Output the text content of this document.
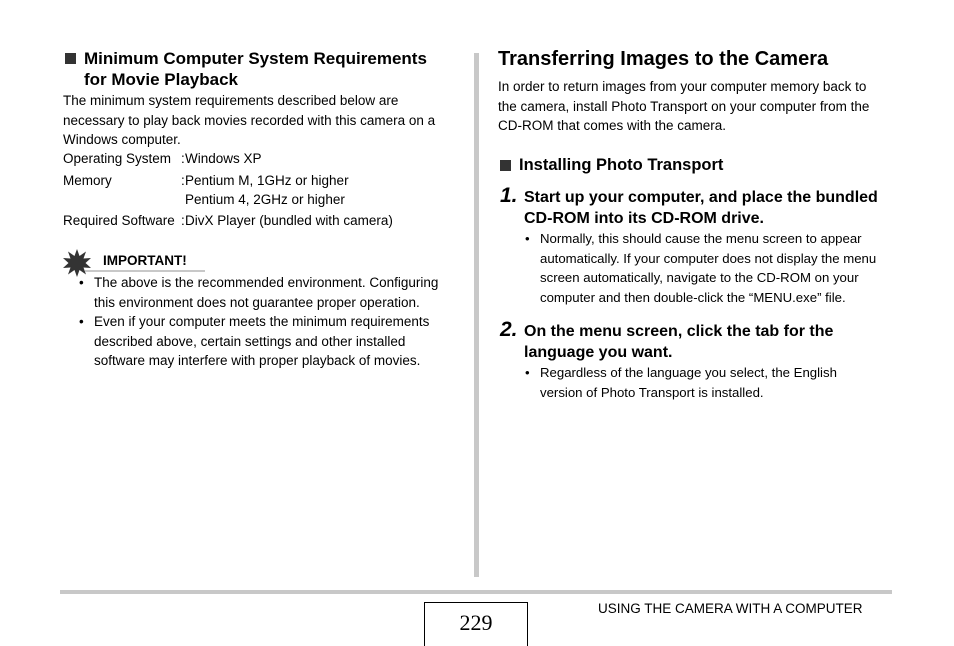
Minimum Computer System Requirements
for Movie Playback
The minimum system requirements described below are
necessary to play back movies recorded with this camera on a
Windows computer.
Operating System : Windows XP
Memory	: Pentium M, 1GHz or higher
Pentium 4, 2GHz or higher
Required Software : DivX Player (bundled with camera)
IMPORTANT!
• The above is the recommended environment. Configuring
this environment does not guarantee proper operation.
• Even if your computer meets the minimum requirements
described above, certain settings and other installed
software may interfere with proper playback of movies.
Transferring Images to the Camera
In order to return images from your computer memory back to
the camera, install Photo Transport on your computer from the
CD-ROM that comes with the camera.
Installing Photo Transport
1. Start up your computer, and place the bundled
CD-ROM into its CD-ROM drive.
• Normally, this should cause the menu screen to appear
automatically. If your computer does not display the menu
screen automatically, navigate to the CD-ROM on your
computer and then double-click the “MENU.exe” file.
2. On the menu screen, click the tab for the
language you want.
• Regardless of the language you select, the English
version of Photo Transport is installed.
229
USING THE CAMERA WITH A COMPUTER
